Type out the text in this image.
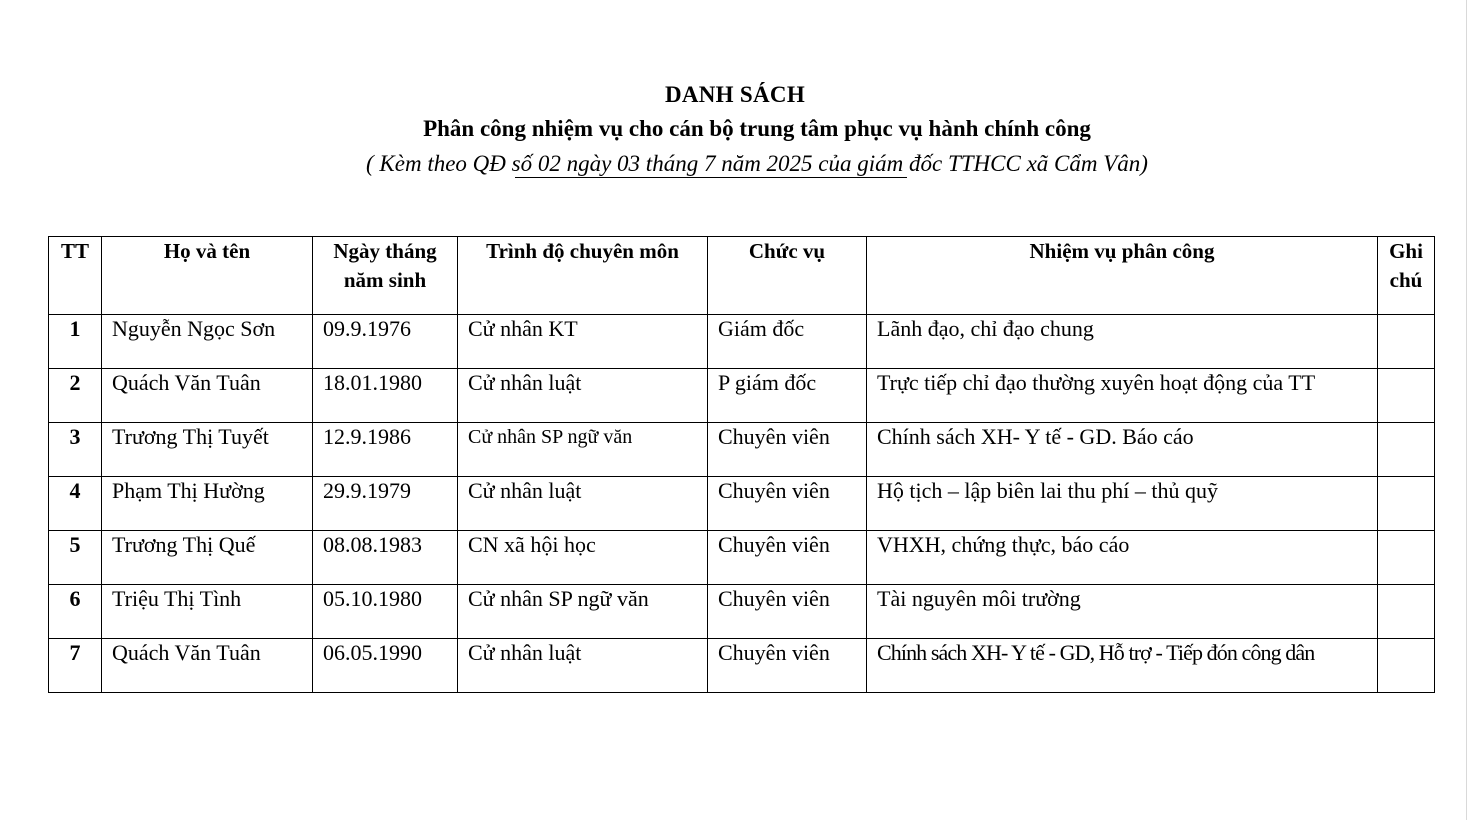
DANH SÁCH
Phân công nhiệm vụ cho cán bộ trung tâm phục vụ hành chính công
( Kèm theo QĐ số 02 ngày 03 tháng 7 năm 2025 của giám đốc TTHCC xã Cẩm Vân)
TT	Họ và tên	Ngày tháng năm sinh	Trình độ chuyên môn	Chức vụ	Nhiệm vụ phân công	Ghi chú
1	Nguyễn Ngọc Sơn	09.9.1976	Cử nhân KT	Giám đốc	Lãnh đạo, chỉ đạo chung	
2	Quách Văn Tuân	18.01.1980	Cử nhân luật	P giám đốc	Trực tiếp chỉ đạo thường xuyên hoạt động của TT	
3	Trương Thị Tuyết	12.9.1986	Cử nhân SP ngữ văn	Chuyên viên	Chính sách XH- Y tế - GD. Báo cáo	
4	Phạm Thị Hường	29.9.1979	Cử nhân luật	Chuyên viên	Hộ tịch – lập biên lai thu phí – thủ quỹ	
5	Trương Thị Quế	08.08.1983	CN xã hội học	Chuyên viên	VHXH, chứng thực, báo cáo	
6	Triệu Thị Tình	05.10.1980	Cử nhân SP ngữ văn	Chuyên viên	Tài nguyên môi trường	
7	Quách Văn Tuân	06.05.1990	Cử nhân luật	Chuyên viên	Chính sách XH- Y tế - GD, Hỗ trợ - Tiếp đón công dân	
